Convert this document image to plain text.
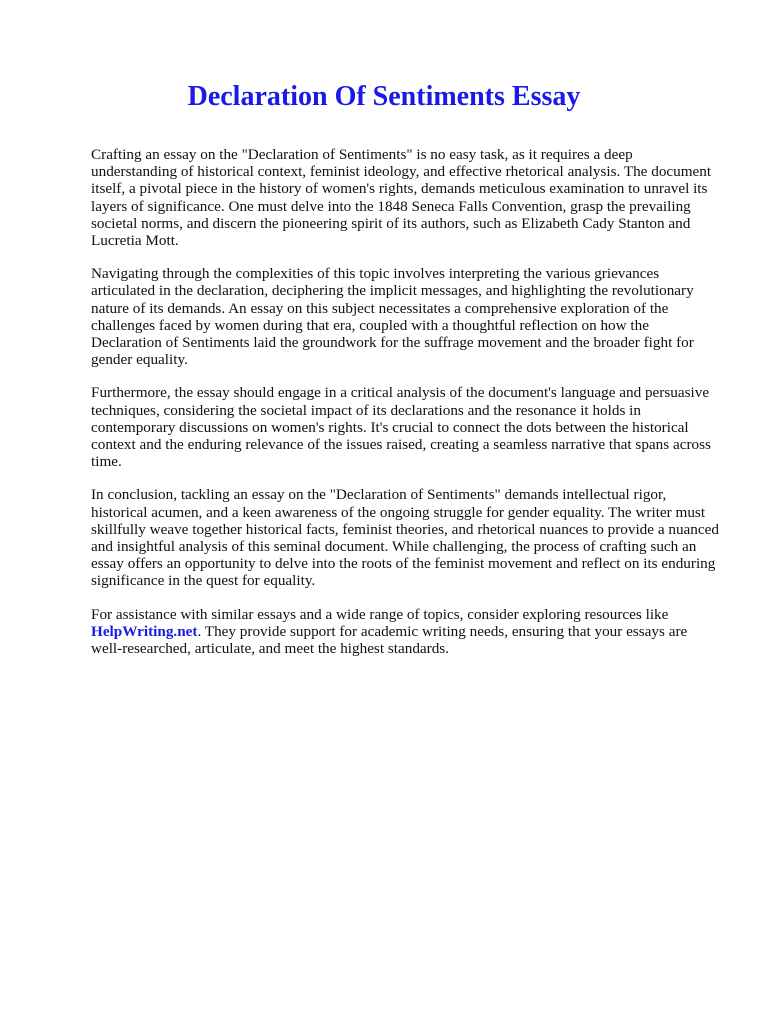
Declaration Of Sentiments Essay

Crafting an essay on the "Declaration of Sentiments" is no easy task, as it requires a deep understanding of historical context, feminist ideology, and effective rhetorical analysis. The document itself, a pivotal piece in the history of women's rights, demands meticulous examination to unravel its layers of significance. One must delve into the 1848 Seneca Falls Convention, grasp the prevailing societal norms, and discern the pioneering spirit of its authors, such as Elizabeth Cady Stanton and Lucretia Mott.

Navigating through the complexities of this topic involves interpreting the various grievances articulated in the declaration, deciphering the implicit messages, and highlighting the revolutionary nature of its demands. An essay on this subject necessitates a comprehensive exploration of the challenges faced by women during that era, coupled with a thoughtful reflection on how the Declaration of Sentiments laid the groundwork for the suffrage movement and the broader fight for gender equality.

Furthermore, the essay should engage in a critical analysis of the document's language and persuasive techniques, considering the societal impact of its declarations and the resonance it holds in contemporary discussions on women's rights. It's crucial to connect the dots between the historical context and the enduring relevance of the issues raised, creating a seamless narrative that spans across time.

In conclusion, tackling an essay on the "Declaration of Sentiments" demands intellectual rigor, historical acumen, and a keen awareness of the ongoing struggle for gender equality. The writer must skillfully weave together historical facts, feminist theories, and rhetorical nuances to provide a nuanced and insightful analysis of this seminal document. While challenging, the process of crafting such an essay offers an opportunity to delve into the roots of the feminist movement and reflect on its enduring significance in the quest for equality.

For assistance with similar essays and a wide range of topics, consider exploring resources like HelpWriting.net. They provide support for academic writing needs, ensuring that your essays are well-researched, articulate, and meet the highest standards.
